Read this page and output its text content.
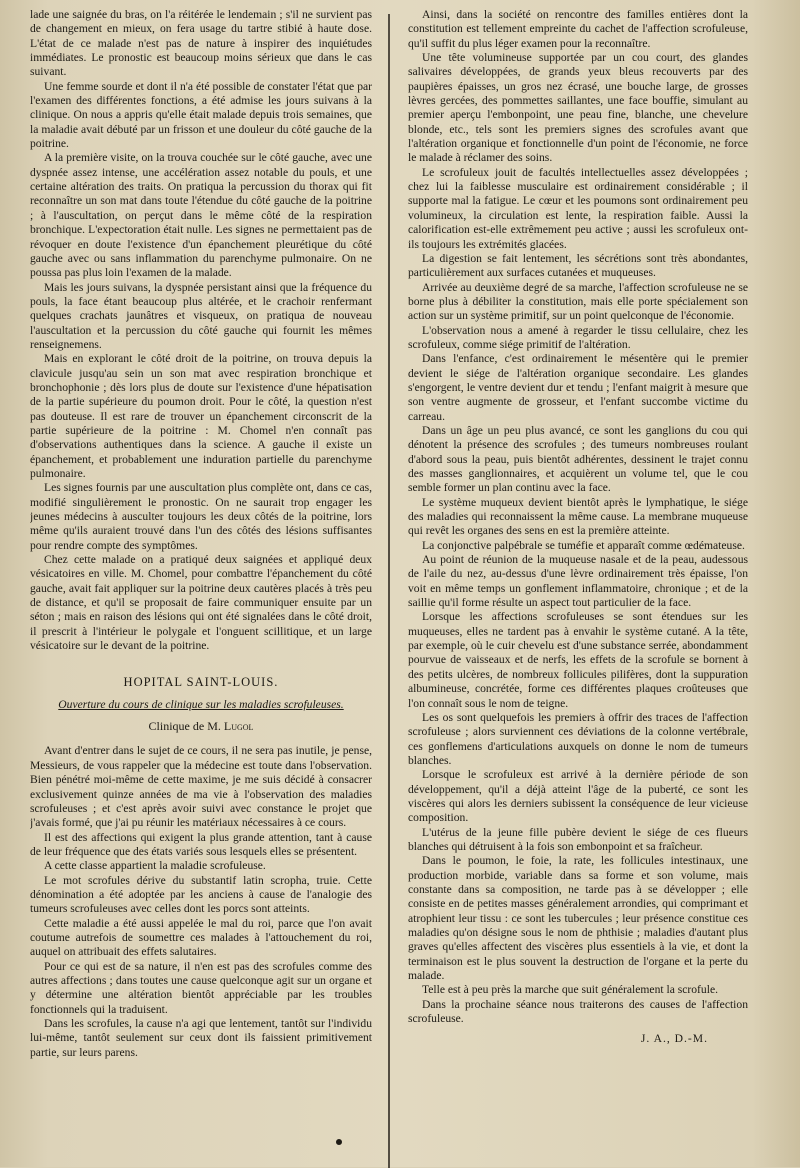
lade une saignée du bras, on l'a réitérée le lendemain ; s'il ne survient pas de changement en mieux, on fera usage du tartre stibié à haute dose. L'état de ce malade n'est pas de nature à inspirer des inquiétudes immédiates. Le pronostic est beaucoup moins sérieux que dans le cas suivant.

Une femme sourde et dont il n'a été possible de constater l'état que par l'examen des différentes fonctions, a été admise les jours suivans à la clinique. On nous a appris qu'elle était malade depuis trois semaines, que la maladie avait débuté par un frisson et une douleur du côté gauche de la poitrine.

A la première visite, on la trouva couchée sur le côté gauche, avec une dyspnée assez intense, une accélération assez notable du pouls, et une certaine altération des traits. On pratiqua la percussion du thorax qui fit reconnaître un son mat dans toute l'étendue du côté gauche de la poitrine ; à l'auscultation, on perçut dans le même côté de la respiration bronchique. L'expectoration était nulle. Les signes ne permettaient pas de révoquer en doute l'existence d'un épanchement pleurétique du côté gauche avec ou sans inflammation du parenchyme pulmonaire. On ne poussa pas plus loin l'examen de la malade.

Mais les jours suivans, la dyspnée persistant ainsi que la fréquence du pouls, la face étant beaucoup plus altérée, et le crachoir renfermant quelques crachats jaunâtres et visqueux, on pratiqua de nouveau l'auscultation et la percussion du côté gauche qui fournit les mêmes renseignemens.

Mais en explorant le côté droit de la poitrine, on trouva depuis la clavicule jusqu'au sein un son mat avec respiration bronchique et bronchophonie ; dès lors plus de doute sur l'existence d'une hépatisation de la partie supérieure du poumon droit. Pour le côté, la question n'est pas douteuse. Il est rare de trouver un épanchement circonscrit de la partie supérieure de la poitrine : M. Chomel n'en connaît pas d'observations authentiques dans la science. A gauche il existe un épanchement, et probablement une induration partielle du parenchyme pulmonaire.

Les signes fournis par une auscultation plus complète ont, dans ce cas, modifié singulièrement le pronostic. On ne saurait trop engager les jeunes médecins à ausculter toujours les deux côtés de la poitrine, lors même qu'ils auraient trouvé dans l'un des côtés des lésions suffisantes pour rendre compte des symptômes.

Chez cette malade on a pratiqué deux saignées et appliqué deux vésicatoires en ville. M. Chomel, pour combattre l'épanchement du côté gauche, avait fait appliquer sur la poitrine deux cautères placés à très peu de distance, et qu'il se proposait de faire communiquer ensuite par un séton ; mais en raison des lésions qui ont été signalées dans le côté droit, il prescrit à l'intérieur le polygale et l'onguent scillitique, et un large vésicatoire sur le devant de la poitrine.

HOPITAL SAINT-LOUIS.
Ouverture du cours de clinique sur les maladies scrofuleuses.
Clinique de M. Lugol

Avant d'entrer dans le sujet de ce cours, il ne sera pas inutile, je pense, Messieurs, de vous rappeler que la médecine est toute dans l'observation. Bien pénétré moi-même de cette maxime, je me suis décidé à consacrer exclusivement quinze années de ma vie à l'observation des maladies scrofuleuses ; et c'est après avoir suivi avec constance le projet que j'avais formé, que j'ai pu réunir les matériaux nécessaires à ce cours.

Il est des affections qui exigent la plus grande attention, tant à cause de leur fréquence que des états variés sous lesquels elles se présentent.

A cette classe appartient la maladie scrofuleuse.

Le mot scrofules dérive du substantif latin scropha, truie. Cette dénomination a été adoptée par les anciens à cause de l'analogie des tumeurs scrofuleuses avec celles dont les porcs sont atteints.

Cette maladie a été aussi appelée le mal du roi, parce que l'on avait coutume autrefois de soumettre ces malades à l'attouchement du roi, auquel on attribuait des effets salutaires.

Pour ce qui est de sa nature, il n'en est pas des scrofules comme des autres affections ; dans toutes une cause quelconque agit sur un organe et y détermine une altération bientôt appréciable par les troubles fonctionnels qui la traduisent.

Dans les scrofules, la cause n'a agi que lentement, tantôt sur l'individu lui-même, tantôt seulement sur ceux dont ils faissient primitivement partie, sur leurs parens.

Ainsi, dans la société on rencontre des familles entières dont la constitution est tellement empreinte du cachet de l'affection scrofuleuse, qu'il suffit du plus léger examen pour la reconnaître.

Une tête volumineuse supportée par un cou court, des glandes salivaires développées, de grands yeux bleus recouverts par des paupières épaisses, un gros nez écrasé, une bouche large, de grosses lèvres gercées, des pommettes saillantes, une face bouffie, simulant au premier aperçu l'embonpoint, une peau fine, blanche, une chevelure blonde, etc., tels sont les premiers signes des scrofules avant que l'altération organique et fonctionnelle d'un point de l'économie, ne force le malade à réclamer des soins.

Le scrofuleux jouit de facultés intellectuelles assez développées ; chez lui la faiblesse musculaire est ordinairement considérable ; il supporte mal la fatigue. Le cœur et les poumons sont ordinairement peu volumineux, la circulation est lente, la respiration faible. Aussi la calorification est-elle extrêmement peu active ; aussi les scrofuleux ont-ils toujours les extrémités glacées.

La digestion se fait lentement, les sécrétions sont très abondantes, particulièrement aux surfaces cutanées et muqueuses.

Arrivée au deuxième degré de sa marche, l'affection scrofuleuse ne se borne plus à débiliter la constitution, mais elle porte spécialement son action sur un système primitif, sur un point quelconque de l'économie.

L'observation nous a amené à regarder le tissu cellulaire, chez les scrofuleux, comme siége primitif de l'altération.

Dans l'enfance, c'est ordinairement le mésentère qui le premier devient le siége de l'altération organique secondaire. Les glandes s'engorgent, le ventre devient dur et tendu ; l'enfant maigrit à mesure que son ventre augmente de grosseur, et l'enfant succombe victime du carreau.

Dans un âge un peu plus avancé, ce sont les ganglions du cou qui dénotent la présence des scrofules ; des tumeurs nombreuses roulant d'abord sous la peau, puis bientôt adhérentes, dessinent le trajet connu des masses ganglionnaires, et acquièrent un volume tel, que le cou semble former un plan continu avec la face.

Le système muqueux devient bientôt après le lymphatique, le siége des maladies qui reconnaissent la même cause. La membrane muqueuse qui revêt les organes des sens en est la première atteinte.

La conjonctive palpébrale se tuméfie et apparaît comme œdémateuse.

Au point de réunion de la muqueuse nasale et de la peau, audessous de l'aile du nez, au-dessus d'une lèvre ordinairement très épaisse, l'on voit en même temps un gonflement inflammatoire, chronique ; et de la saillie qu'il forme résulte un aspect tout particulier de la face.

Lorsque les affections scrofuleuses se sont étendues sur les muqueuses, elles ne tardent pas à envahir le système cutané. A la tête, par exemple, où le cuir chevelu est d'une substance serrée, abondamment pourvue de vaisseaux et de nerfs, les effets de la scrofule se bornent à des petits ulcères, de nombreux follicules pilifères, dont la suppuration albumineuse, concrétée, forme ces différentes plaques croûteuses que l'on connaît sous le nom de teigne.

Les os sont quelquefois les premiers à offrir des traces de l'affection scrofuleuse ; alors surviennent ces déviations de la colonne vertébrale, ces gonflemens d'articulations auxquels on donne le nom de tumeurs blanches.

Lorsque le scrofuleux est arrivé à la dernière période de son développement, qu'il a déjà atteint l'âge de la puberté, ce sont les viscères qui alors les derniers subissent la conséquence de leur vicieuse composition.

L'utérus de la jeune fille pubère devient le siége de ces flueurs blanches qui détruisent à la fois son embonpoint et sa fraîcheur.

Dans le poumon, le foie, la rate, les follicules intestinaux, une production morbide, variable dans sa forme et son volume, mais constante dans sa composition, ne tarde pas à se développer ; elle consiste en de petites masses généralement arrondies, qui comprimant et atrophient leur tissu : ce sont les tubercules ; leur présence constitue ces maladies qu'on désigne sous le nom de phthisie ; maladies d'autant plus graves qu'elles affectent des viscères plus essentiels à la vie, et dont la terminaison est le plus souvent la destruction de l'organe et la perte du malade.

Telle est à peu près la marche que suit généralement la scrofule.

Dans la prochaine séance nous traiterons des causes de l'affection scrofuleuse.

J. A., D.-M.
